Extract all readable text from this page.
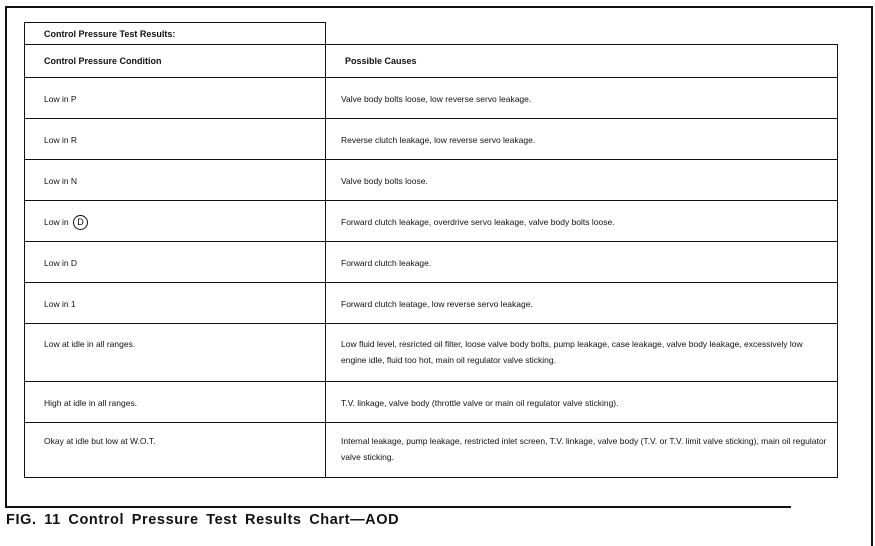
Control Pressure Test Results:
Control Pressure Condition	Possible Causes
Low in P	Valve body bolts loose, low reverse servo leakage.
Low in R	Reverse clutch leakage, low reverse servo leakage.
Low in N	Valve body bolts loose.
Low in D	Forward clutch leakage, overdrive servo leakage, valve body bolts loose.
Low in D	Forward clutch leakage.
Low in 1	Forward clutch leatage, low reverse servo leakage.
Low at idle in all ranges.	Low fluid level, resricted oil filter, loose valve body bolts, pump leakage, case leakage, valve body leakage, excessively low engine idle, fluid too hot, main oil regulator valve sticking.
High at idle in all ranges.	T.V. linkage, valve body (throttle valve or main oil regulator valve sticking).
Okay at idle but low at W.O.T.	Internal leakage, pump leakage, restricted inlet screen, T.V. linkage, valve body (T.V. or T.V. limit valve sticking), main oil regulator valve sticking.
FIG. 11 Control Pressure Test Results Chart—AOD
